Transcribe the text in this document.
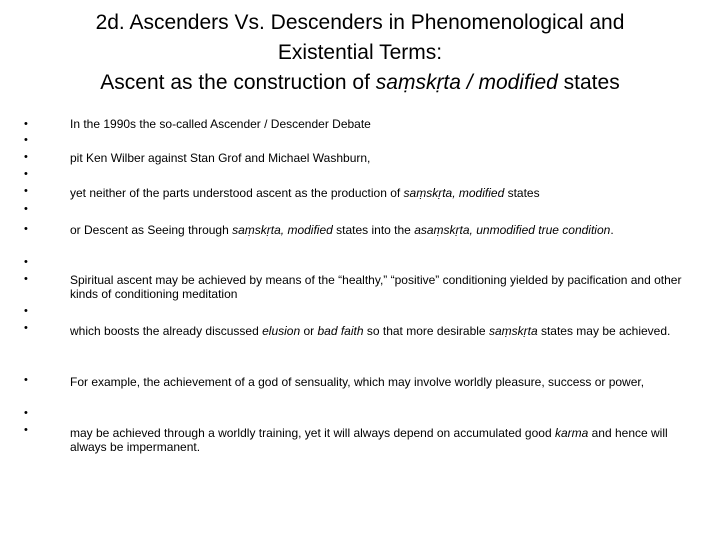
2d. Ascenders Vs. Descenders in Phenomenological and
Existential Terms:
Ascent as the construction of saṃskṛta / modified states
•
•
•
•
•
•
•
•
•
•
•
•
•
•
In the 1990s the so-called Ascender / Descender Debate
pit Ken Wilber against Stan Grof and Michael Washburn,
yet neither of the parts understood ascent as the production of saṃskṛta, modified states
or Descent as Seeing through saṃskṛta, modified states into the asaṃskṛta, unmodified true condition.
Spiritual ascent may be achieved by means of the “healthy,” “positive” conditioning yielded by pacification and other kinds of conditioning meditation
which boosts the already discussed elusion or bad faith so that more desirable saṃskṛta states may be achieved.
For example, the achievement of a god of sensuality, which may involve worldly pleasure, success or power,
may be achieved through a worldly training, yet it will always depend on accumulated good karma and hence will always be impermanent.
